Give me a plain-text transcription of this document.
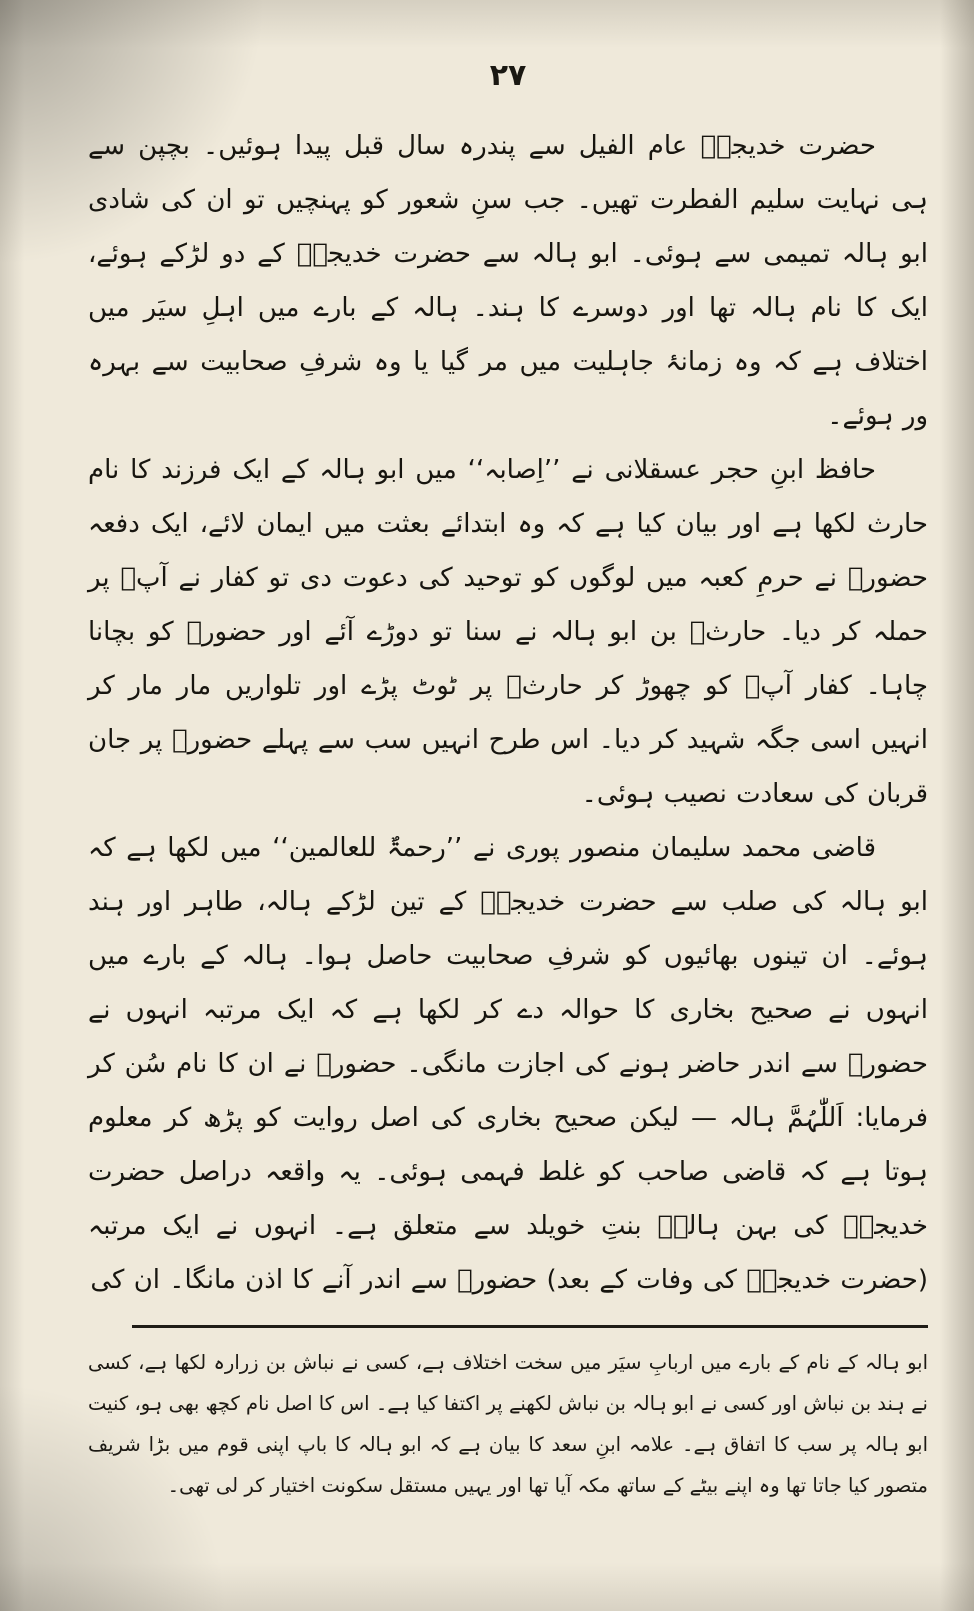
۲۷

حضرت خدیجہؓ عام الفیل سے پندرہ سال قبل پیدا ہوئیں۔ بچپن سے ہی نہایت سلیم الفطرت تھیں۔ جب سنِ شعور کو پہنچیں تو ان کی شادی ابو ہالہ تمیمی سے ہوئی۔ ابو ہالہ سے حضرت خدیجہؓ کے دو لڑکے ہوئے، ایک کا نام ہالہ تھا اور دوسرے کا ہند۔ ہالہ کے بارے میں اہلِ سیَر میں اختلاف ہے کہ وہ زمانۂ جاہلیت میں مر گیا یا وہ شرفِ صحابیت سے بہرہ ور ہوئے۔

حافظ ابنِ حجر عسقلانی نے ’’اِصابہ‘‘ میں ابو ہالہ کے ایک فرزند کا نام حارث لکھا ہے اور بیان کیا ہے کہ وہ ابتدائے بعثت میں ایمان لائے، ایک دفعہ حضورؐ نے حرمِ کعبہ میں لوگوں کو توحید کی دعوت دی تو کفار نے آپؐ پر حملہ کر دیا۔ حارثؓ بن ابو ہالہ نے سنا تو دوڑے آئے اور حضورؐ کو بچانا چاہا۔ کفار آپؐ کو چھوڑ کر حارثؓ پر ٹوٹ پڑے اور تلواریں مار مار کر انہیں اسی جگہ شہید کر دیا۔ اس طرح انہیں سب سے پہلے حضورؐ پر جان قربان کی سعادت نصیب ہوئی۔

قاضی محمد سلیمان منصور پوری نے ’’رحمۃٌ للعالمین‘‘ میں لکھا ہے کہ ابو ہالہ کی صلب سے حضرت خدیجہؓ کے تین لڑکے ہالہ، طاہر اور ہند ہوئے۔ ان تینوں بھائیوں کو شرفِ صحابیت حاصل ہوا۔ ہالہ کے بارے میں انہوں نے صحیح بخاری کا حوالہ دے کر لکھا ہے کہ ایک مرتبہ انہوں نے حضورؐ سے اندر حاضر ہونے کی اجازت مانگی۔ حضورؐ نے ان کا نام سُن کر فرمایا: اَللّٰہُمَّ ہالہ — لیکن صحیح بخاری کی اصل روایت کو پڑھ کر معلوم ہوتا ہے کہ قاضی صاحب کو غلط فہمی ہوئی۔ یہ واقعہ دراصل حضرت خدیجہؓ کی بہن ہالہؓ بنتِ خویلد سے متعلق ہے۔ انہوں نے ایک مرتبہ (حضرت خدیجہؓ کی وفات کے بعد) حضورؐ سے اندر آنے کا اذن مانگا۔ ان کی

ابو ہالہ کے نام کے بارے میں اربابِ سیَر میں سخت اختلاف ہے، کسی نے نباش بن زرارہ لکھا ہے، کسی نے ہند بن نباش اور کسی نے ابو ہالہ بن نباش لکھنے پر اکتفا کیا ہے۔ اس کا اصل نام کچھ بھی ہو، کنیت ابو ہالہ پر سب کا اتفاق ہے۔ علامہ ابنِ سعد کا بیان ہے کہ ابو ہالہ کا باپ اپنی قوم میں بڑا شریف متصور کیا جاتا تھا وہ اپنے بیٹے کے ساتھ مکہ آیا تھا اور یہیں مستقل سکونت اختیار کر لی تھی۔
